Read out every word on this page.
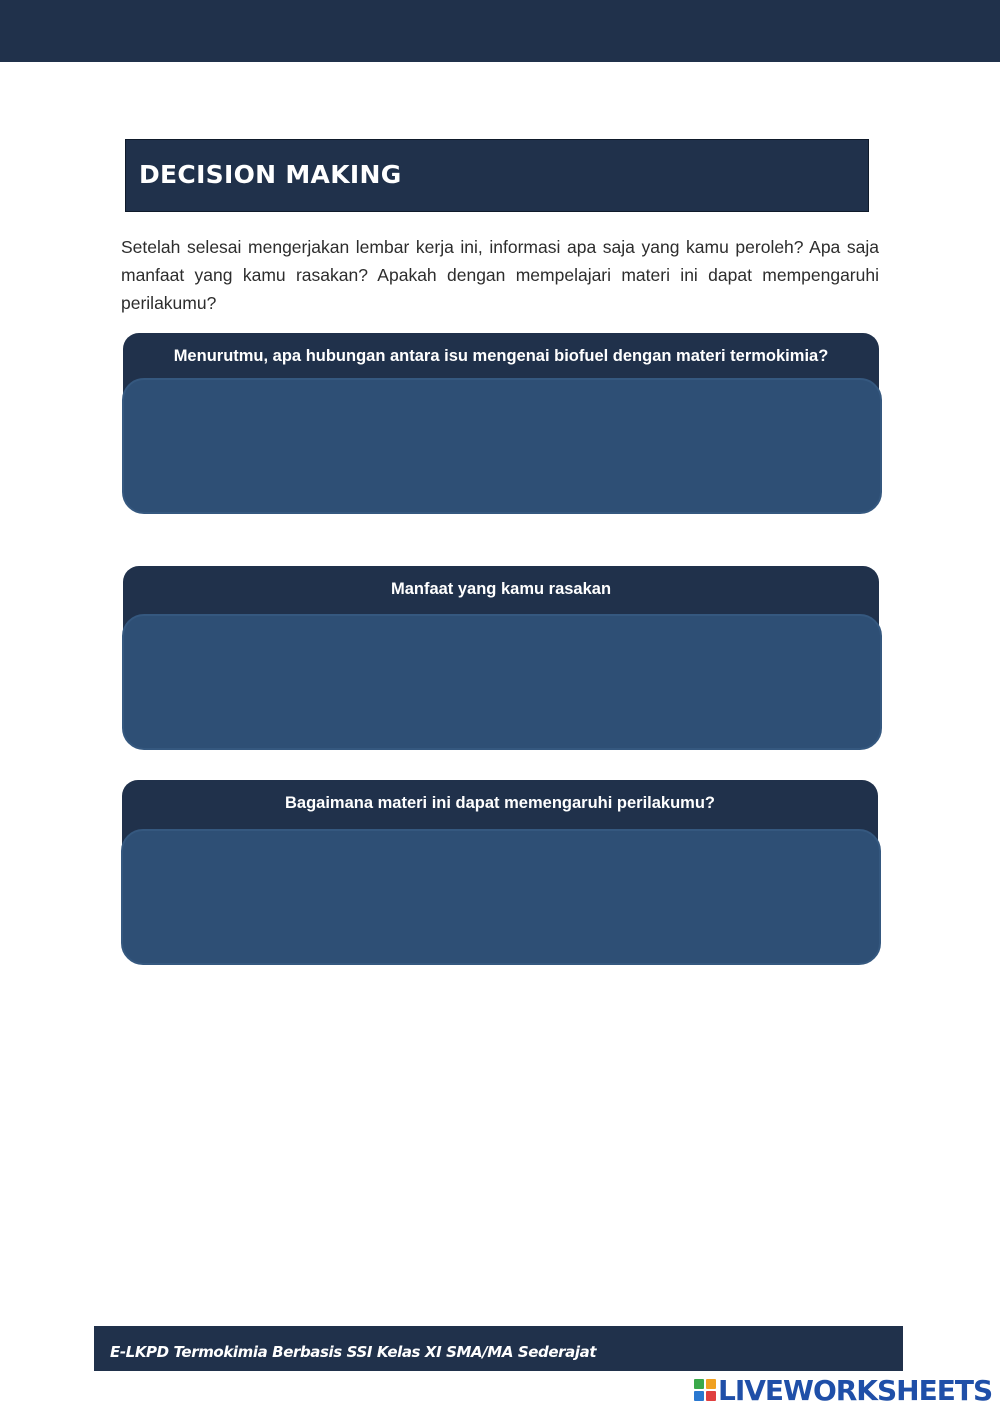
DECISION MAKING

Setelah selesai mengerjakan lembar kerja ini, informasi apa saja yang kamu peroleh? Apa saja manfaat yang kamu rasakan? Apakah dengan mempelajari materi ini dapat mempengaruhi perilakumu?

Menurutmu, apa hubungan antara isu mengenai biofuel dengan materi termokimia?
Manfaat yang kamu rasakan
Bagaimana materi ini dapat memengaruhi perilakumu?
E-LKPD Termokimia Berbasis SSI Kelas XI SMA/MA Sederajat
LIVEWORKSHEETS
